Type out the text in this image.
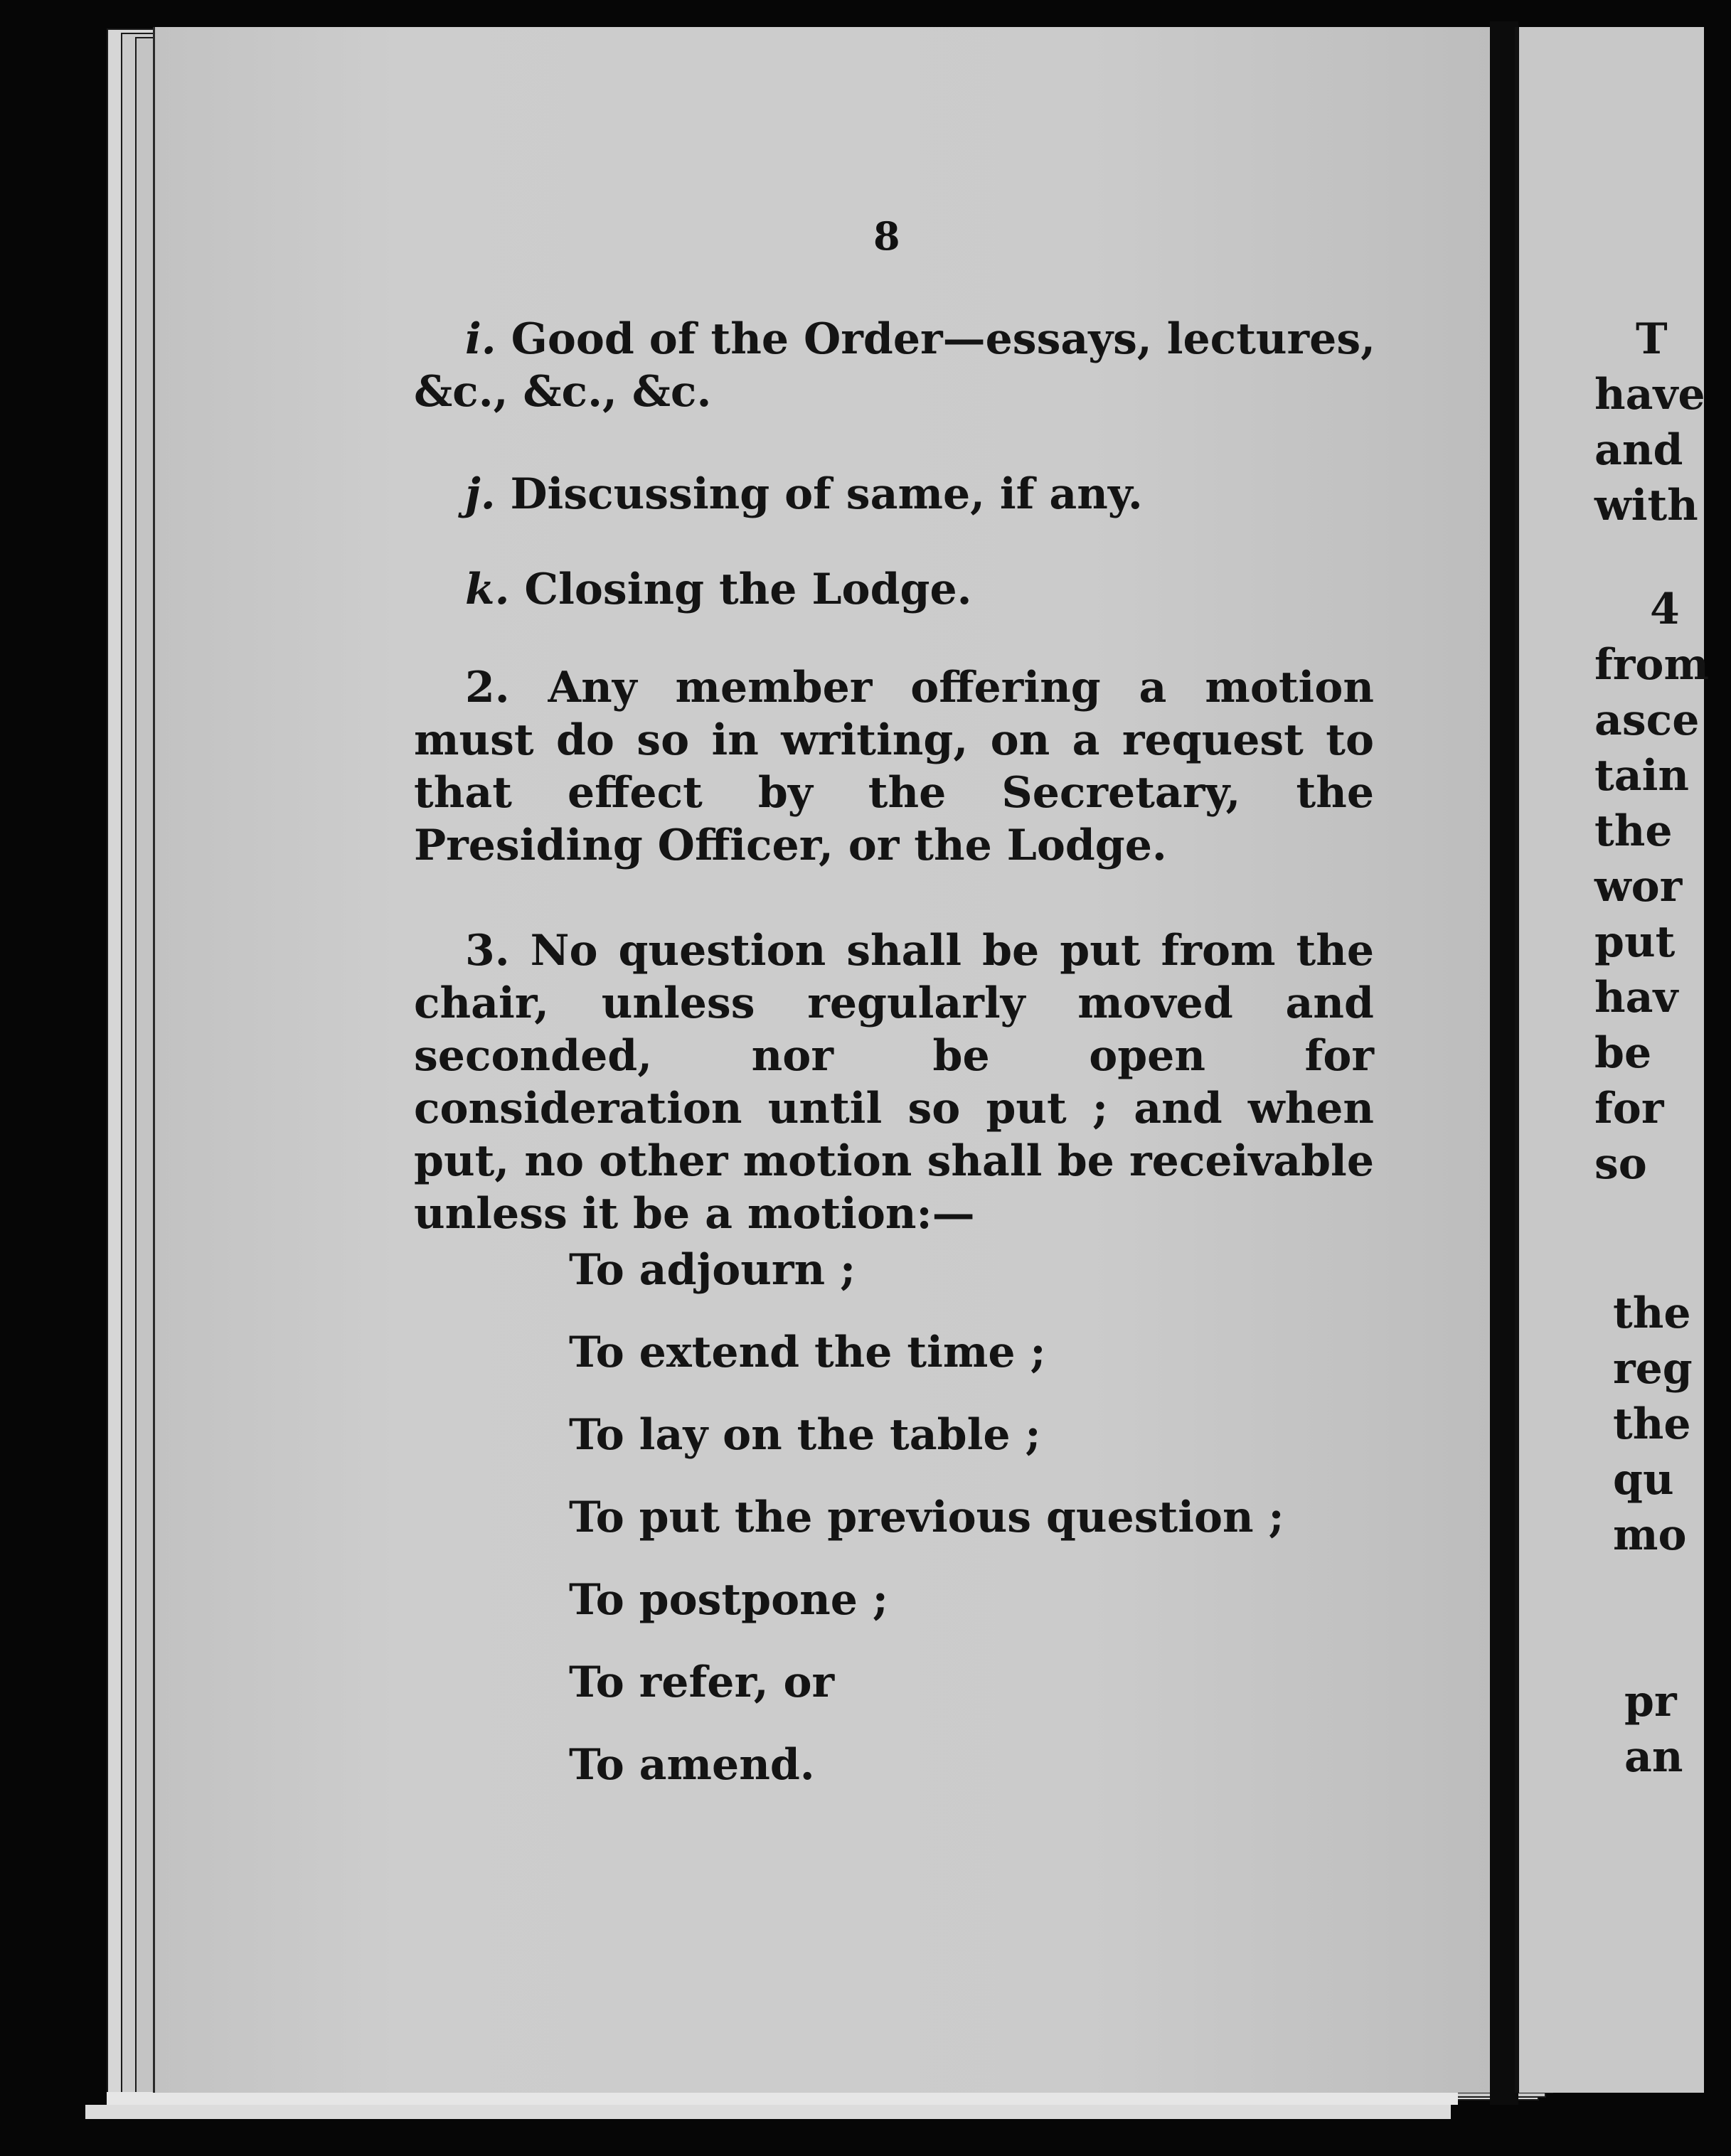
8
i. Good of the Order—essays, lectures, &c., &c., &c.
j. Discussing of same, if any.
k. Closing the Lodge.
2. Any member offering a motion must do so in writing, on a request to that effect by the Secretary, the Presiding Officer, or the Lodge.
3. No question shall be put from the chair, unless regularly moved and seconded, nor be open for consideration until so put ; and when put, no other motion shall be receivable unless it be a motion:—
To adjourn ;
To extend the time ;
To lay on the table ;
To put the previous question ;
To postpone ;
To refer, or
To amend.
T
have
and
with
4
from
asce
tain
the
wor
put
hav
be
for
so
the
reg
the
qu
mo
pr
an
